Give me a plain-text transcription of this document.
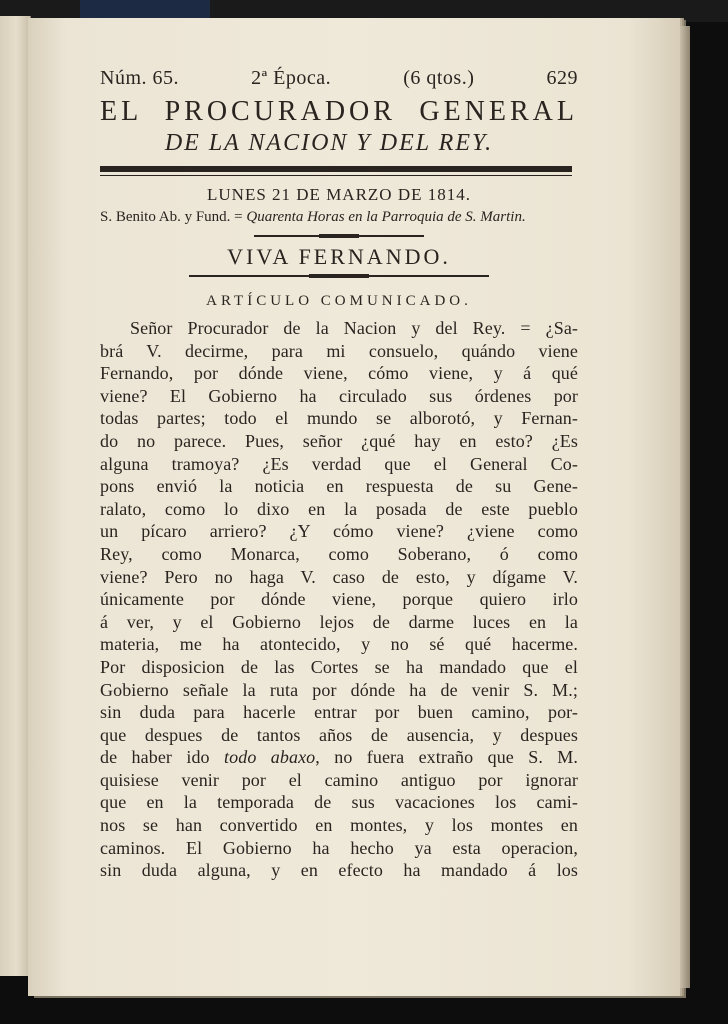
Núm. 65.	2ª Época.	(6 qtos.)	629
EL PROCURADOR GENERAL
DE LA NACION Y DEL REY.
LUNES 21 DE MARZO DE 1814.
S. Benito Ab. y Fund. = Quarenta Horas en la Parroquia de S. Martin.
VIVA FERNANDO.
ARTÍCULO COMUNICADO.
Señor Procurador de la Nacion y del Rey. = ¿Sa-
brá V. decirme, para mi consuelo, quándo viene
Fernando, por dónde viene, cómo viene, y á qué
viene? El Gobierno ha circulado sus órdenes por
todas partes; todo el mundo se alborotó, y Fernan-
do no parece. Pues, señor ¿qué hay en esto? ¿Es
alguna tramoya? ¿Es verdad que el General Co-
pons envió la noticia en respuesta de su Gene-
ralato, como lo dixo en la posada de este pueblo
un pícaro arriero? ¿Y cómo viene? ¿viene como
Rey, como Monarca, como Soberano, ó como
viene? Pero no haga V. caso de esto, y dígame V.
únicamente por dónde viene, porque quiero irlo
á ver, y el Gobierno lejos de darme luces en la
materia, me ha atontecido, y no sé qué hacerme.
Por disposicion de las Cortes se ha mandado que el
Gobierno señale la ruta por dónde ha de venir S. M.;
sin duda para hacerle entrar por buen camino, por-
que despues de tantos años de ausencia, y despues
de haber ido todo abaxo, no fuera extraño que S. M.
quisiese venir por el camino antiguo por ignorar
que en la temporada de sus vacaciones los cami-
nos se han convertido en montes, y los montes en
caminos. El Gobierno ha hecho ya esta operacion,
sin duda alguna, y en efecto ha mandado á los
